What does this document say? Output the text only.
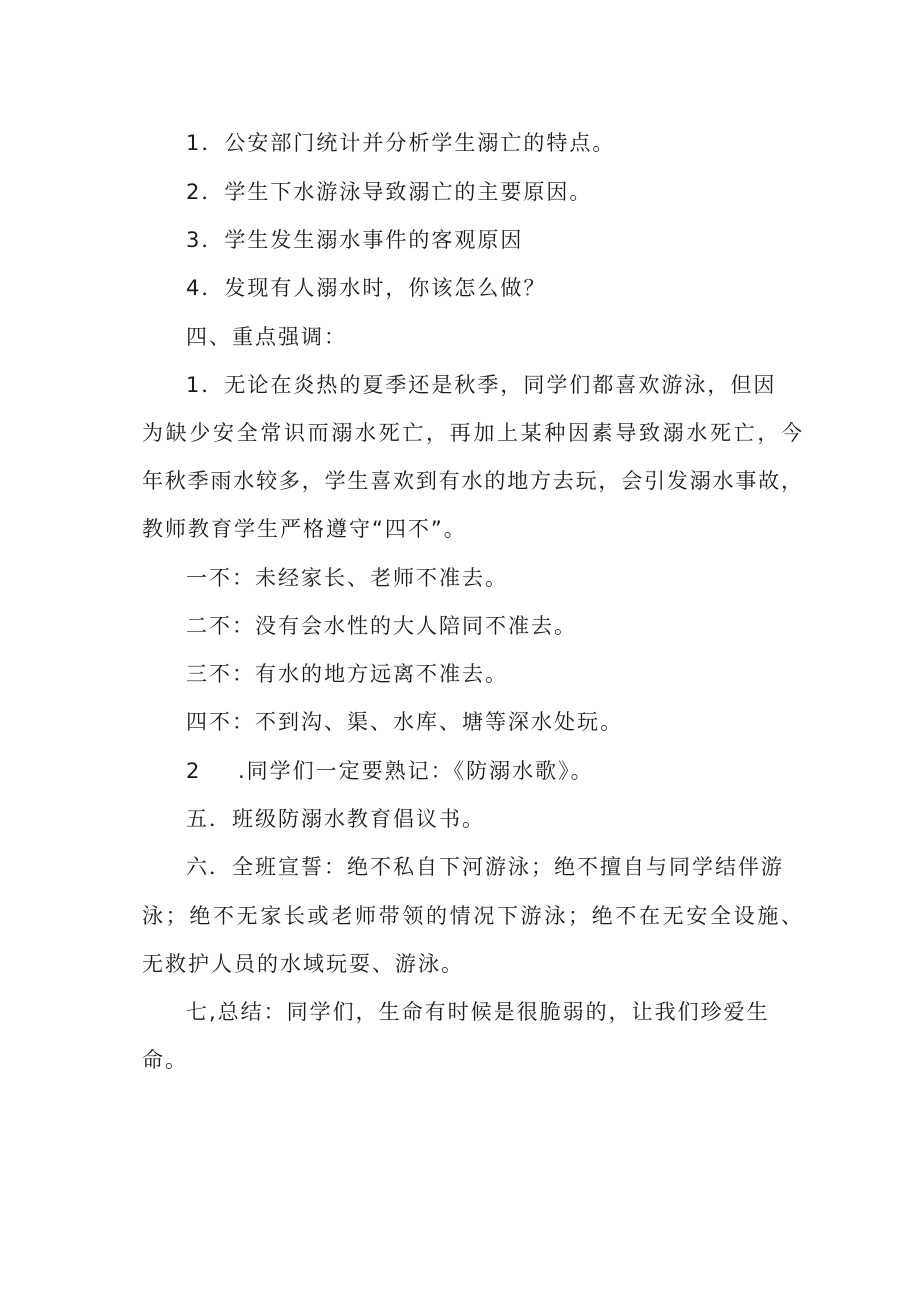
1．公安部门统计并分析学生溺亡的特点。
2．学生下水游泳导致溺亡的主要原因。
3．学生发生溺水事件的客观原因
4．发现有人溺水时，你该怎么做？
四、重点强调：
1．无论在炎热的夏季还是秋季，同学们都喜欢游泳，但因
为缺少安全常识而溺水死亡，再加上某种因素导致溺水死亡，今
年秋季雨水较多，学生喜欢到有水的地方去玩，会引发溺水事故，
教师教育学生严格遵守“四不”。
一不：未经家长、老师不准去。
二不：没有会水性的大人陪同不准去。
三不：有水的地方远离不准去。
四不：不到沟、渠、水库、塘等深水处玩。
2 .同学们一定要熟记：《防溺水歌》。
五．班级防溺水教育倡议书。
六．全班宣誓：绝不私自下河游泳；绝不擅自与同学结伴游
泳；绝不无家长或老师带领的情况下游泳；绝不在无安全设施、
无救护人员的水域玩耍、游泳。
七,总结：同学们，生命有时候是很脆弱的，让我们珍爱生
命。
